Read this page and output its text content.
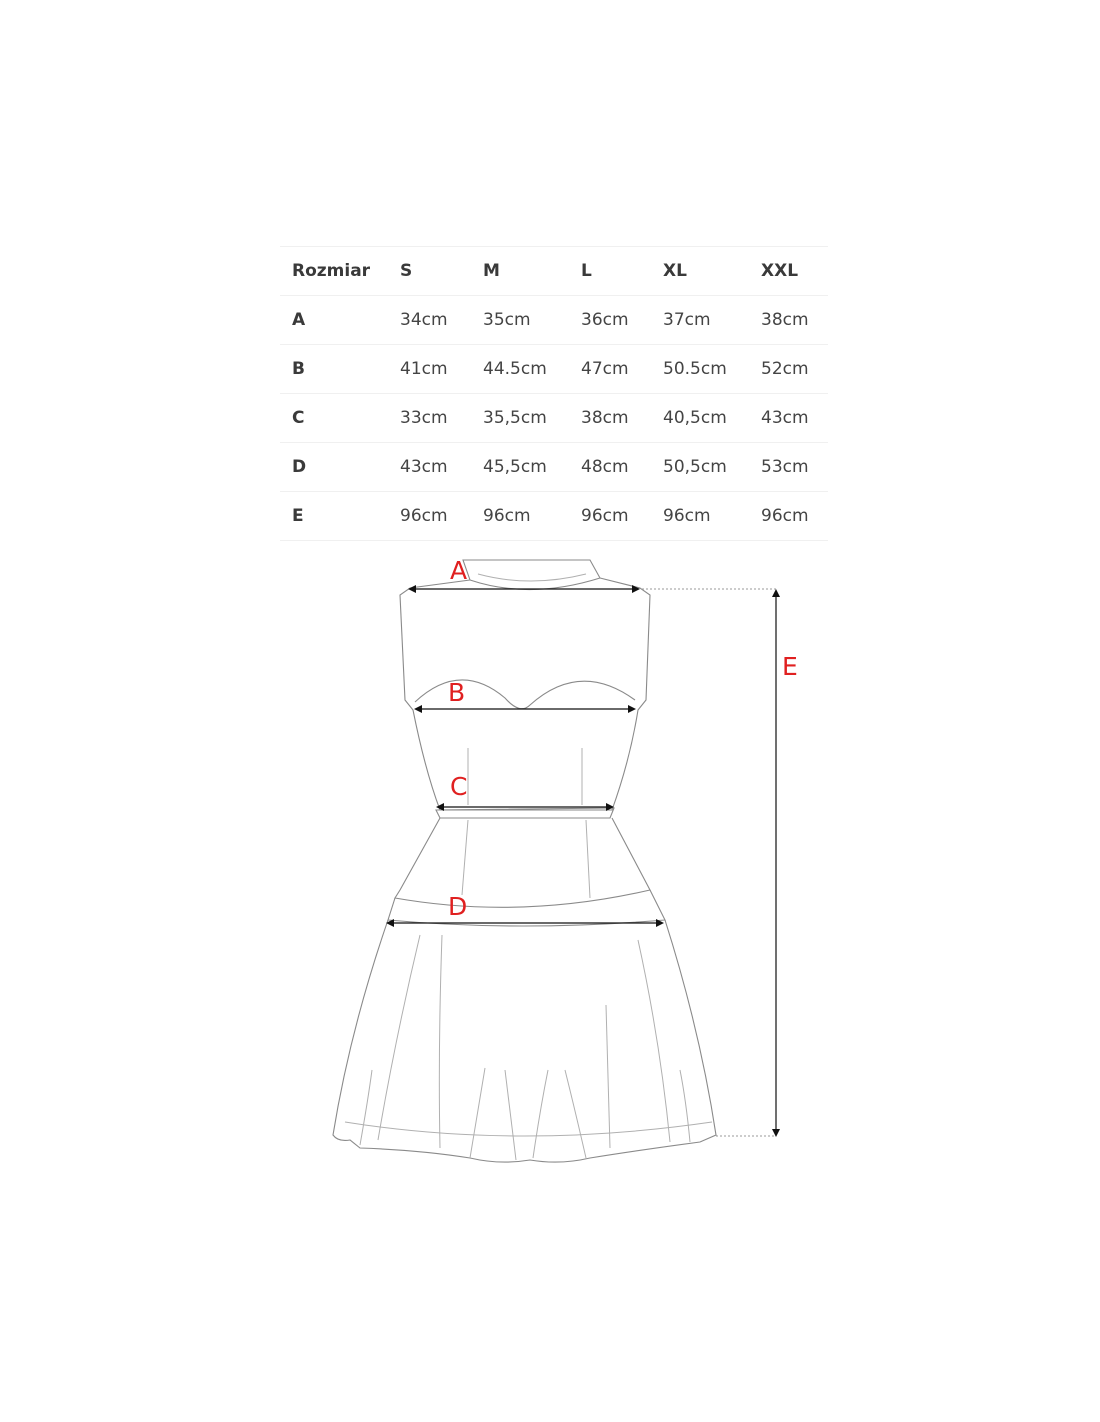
Rozmiar	S	M	L	XL	XXL
A	34cm	35cm	36cm	37cm	38cm
B	41cm	44.5cm	47cm	50.5cm	52cm
C	33cm	35,5cm	38cm	40,5cm	43cm
D	43cm	45,5cm	48cm	50,5cm	53cm
E	96cm	96cm	96cm	96cm	96cm
A
B
C
D
E
